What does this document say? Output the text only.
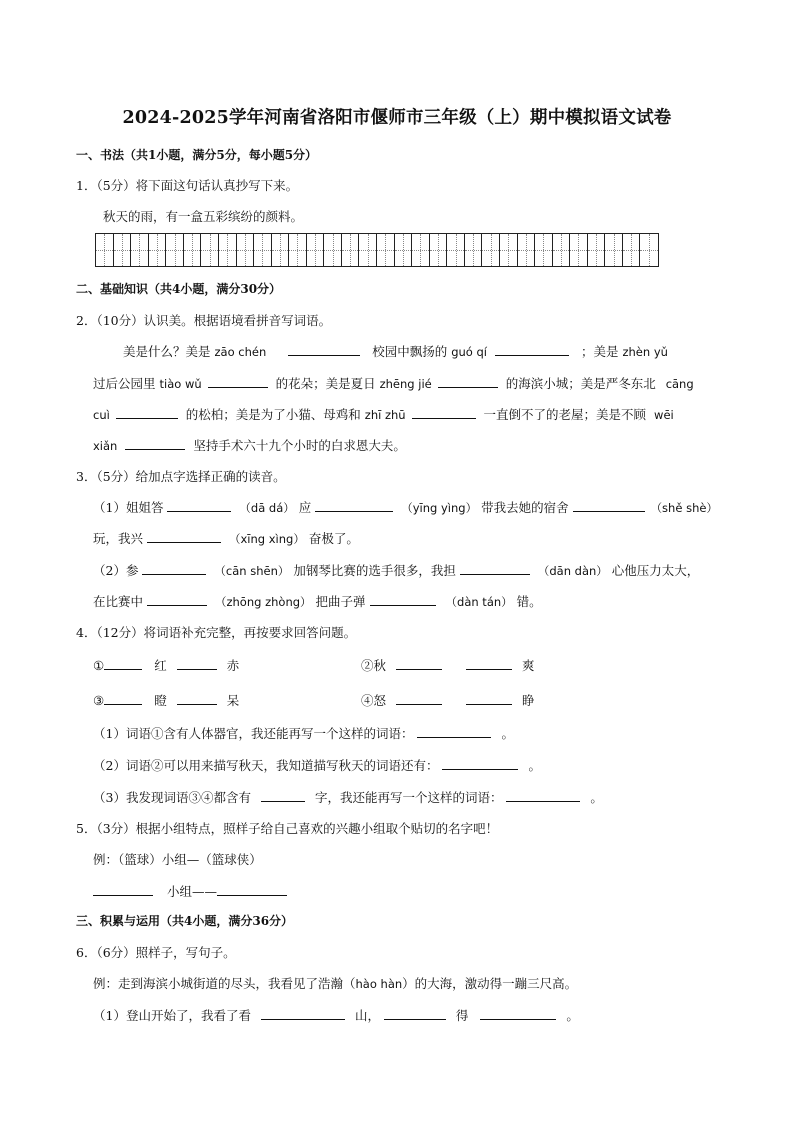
2024-2025学年河南省洛阳市偃师市三年级（上）期中模拟语文试卷
一、书法（共1小题，满分5分，每小题5分）
1．（5分）将下面这句话认真抄写下来。
秋天的雨，有一盒五彩缤纷的颜料。
二、基础知识（共4小题，满分30分）
2．（10分）认识美。根据语境看拼音写词语。
美是什么？美是 zāo chén	校园中飘扬的 guó qí	；美是 zhèn yǔ
过后公园里 tiào wǔ	的花朵；美是夏日 zhēng jié	的海滨小城；美是严冬东北 cāng
cuì	的松柏；美是为了小猫、母鸡和 zhī zhū	一直倒不了的老屋；美是不顾 wēi
xiǎn	坚持手术六十九个小时的白求恩大夫。
3．（5分）给加点字选择正确的读音。
（1）姐姐答	（dā dá） 应	（yīng yìng） 带我去她的宿舍	（shě shè）
玩，我兴	（xīng xìng） 奋极了。
（2）参	（cān shēn） 加钢琴比赛的选手很多，我担	（dān dàn） 心他压力太大，
在比赛中	（zhōng zhòng） 把曲子弹	（dàn tán） 错。
4．（12分）将词语补充完整，再按要求回答问题。
①	红	赤	②秋	爽
③	瞪	呆	④怒	睁
（1）词语①含有人体器官，我还能再写一个这样的词语：	。
（2）词语②可以用来描写秋天，我知道描写秋天的词语还有：	。
（3）我发现词语③④都含有	字，我还能再写一个这样的词语：	。
5．（3分）根据小组特点，照样子给自己喜欢的兴趣小组取个贴切的名字吧！
例：（篮球）小组—（篮球侠）
小组——
三、积累与运用（共4小题，满分36分）
6．（6分）照样子，写句子。
例：走到海滨小城街道的尽头，我看见了浩瀚（hào hàn）的大海，激动得一蹦三尺高。
（1）登山开始了，我看了看	山，	得	。
